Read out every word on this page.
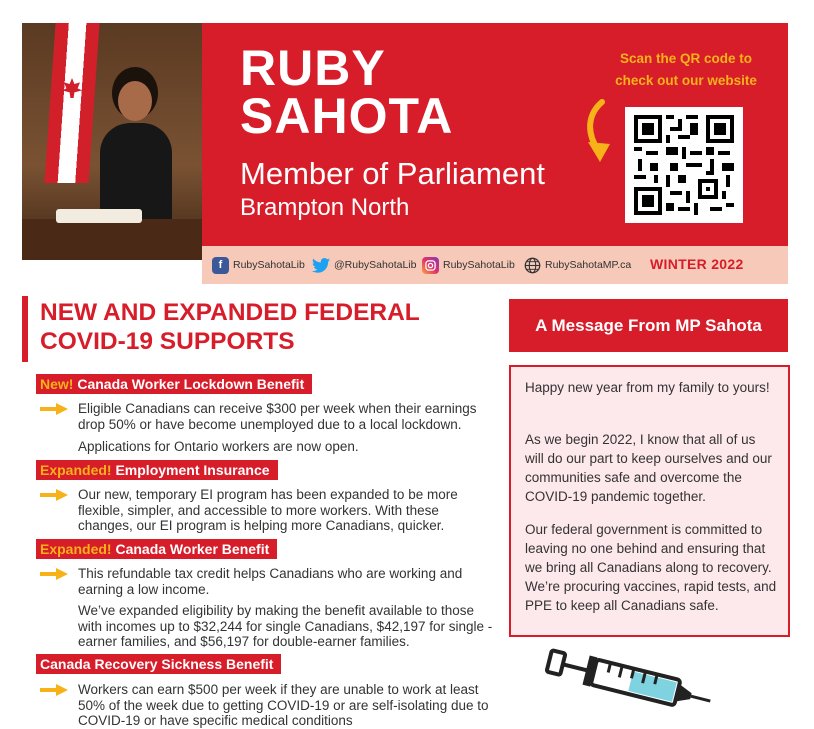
RUBY
SAHOTA
Member of Parliament
Brampton North
Scan the QR code to
check out our website
f	RubySahotaLib	@RubySahotaLib	RubySahotaLib	RubySahotaMP.ca WINTER 2022
NEW AND EXPANDED FEDERAL
COVID-19 SUPPORTS
New! Canada Worker Lockdown Benefit
Eligible Canadians can receive $300 per week when their earnings drop 50% or have become unemployed due to a local lockdown.
Applications for Ontario workers are now open.
Expanded! Employment Insurance
Our new, temporary EI program has been expanded to be more flexible, simpler, and accessible to more workers. With these changes, our EI program is helping more Canadians, quicker.
Expanded! Canada Worker Benefit
This refundable tax credit helps Canadians who are working and earning a low income.
We’ve expanded eligibility by making the benefit available to those with incomes up to $32,244 for single Canadians, $42,197 for single -earner families, and $56,197 for double-earner families.
Canada Recovery Sickness Benefit
Workers can earn $500 per week if they are unable to work at least 50% of the week due to getting COVID-19 or are self-isolating due to COVID-19 or have specific medical conditions
A Message From MP Sahota
Happy new year from my family to yours!
As we begin 2022, I know that all of us will do our part to keep ourselves and our communities safe and overcome the COVID-19 pandemic together.
Our federal government is committed to leaving no one behind and ensuring that we bring all Canadians along to recovery. We’re procuring vaccines, rapid tests, and PPE to keep all Canadians safe.
